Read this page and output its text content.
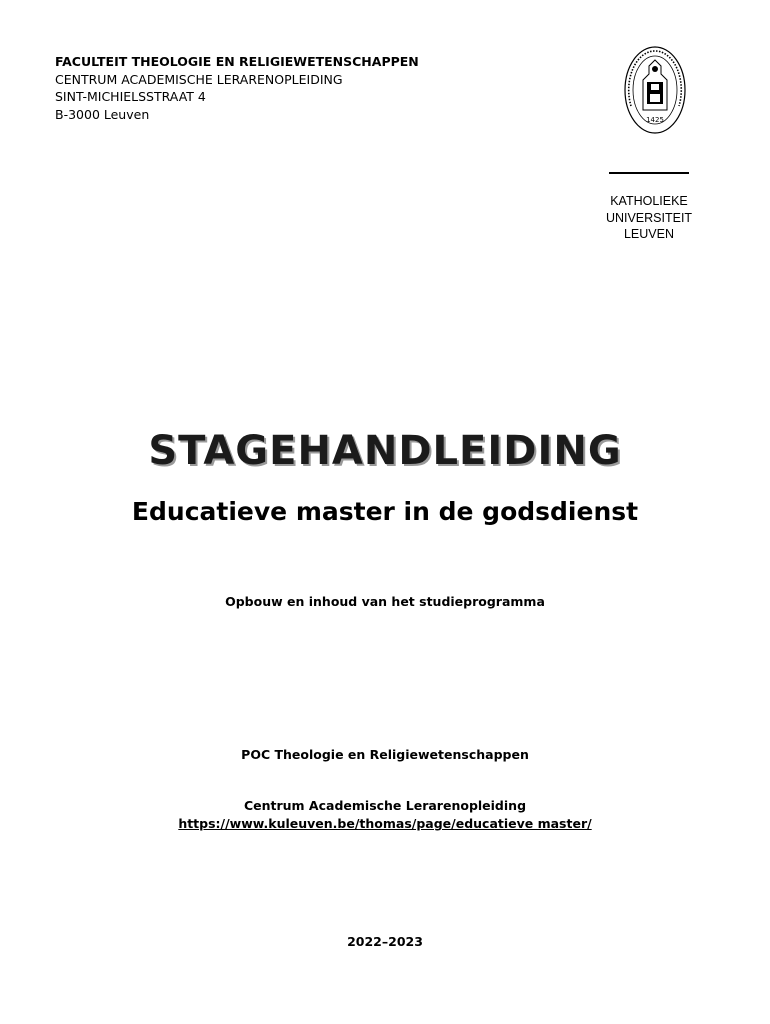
FACULTEIT THEOLOGIE EN RELIGIEWETENSCHAPPEN
CENTRUM ACADEMISCHE LERARENOPLEIDING
SINT-MICHIELSSTRAAT 4
B-3000 Leuven	1425
KATHOLIEKE
UNIVERSITEIT
LEUVEN
STAGEHANDLEIDING
Educatieve master in de godsdienst
Opbouw en inhoud van het studieprogramma
POC Theologie en Religiewetenschappen
Centrum Academische Lerarenopleiding
https://www.kuleuven.be/thomas/page/educatieve master/
2022–2023
